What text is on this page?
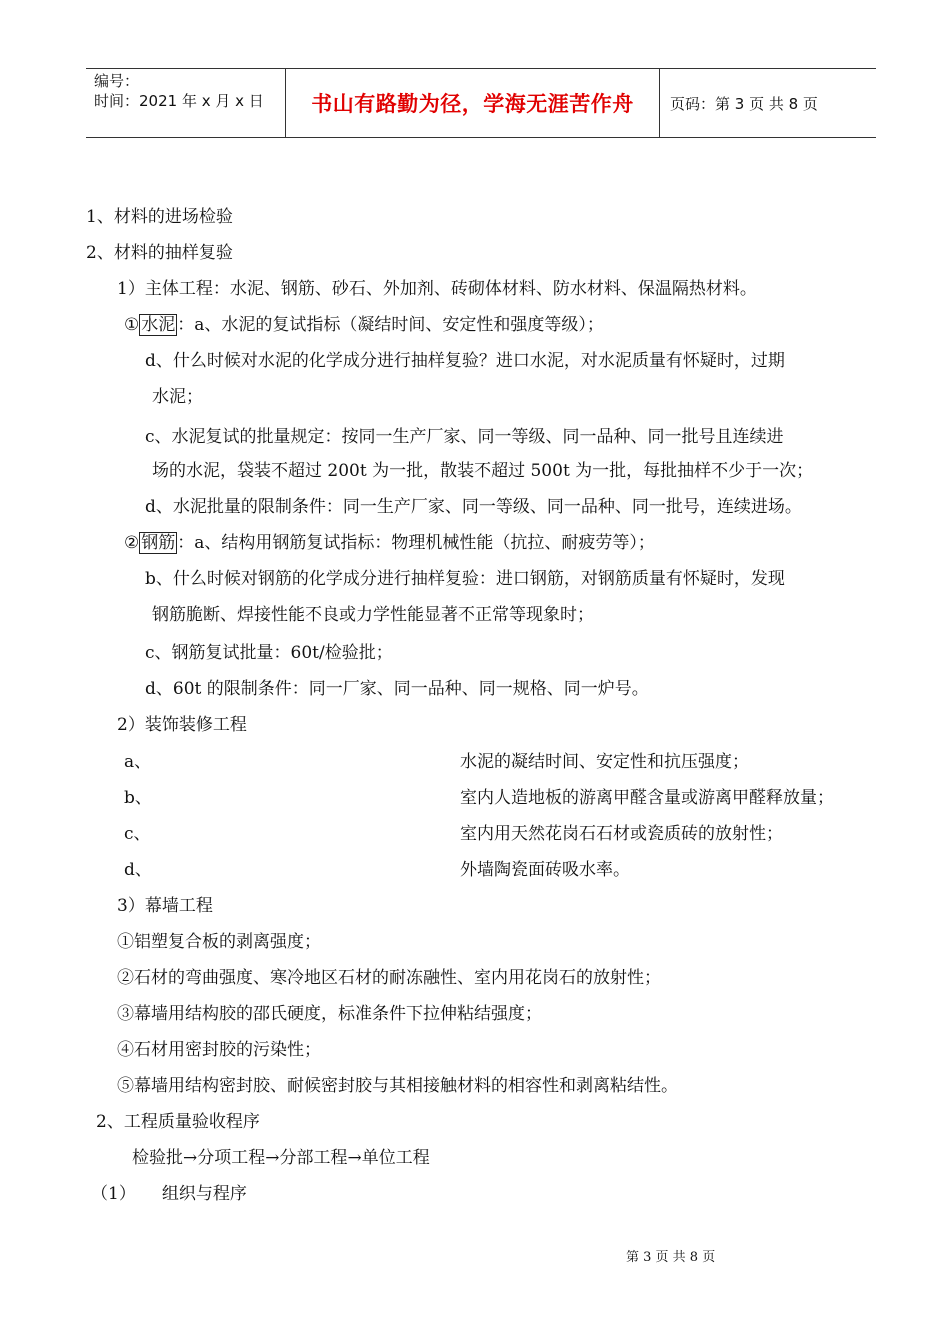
编号：
时间：2021 年 x 月 x 日	书山有路勤为径，学海无涯苦作舟	页码：第 3 页 共 8 页
1、材料的进场检验
2、材料的抽样复验
1）主体工程：水泥、钢筋、砂石、外加剂、砖砌体材料、防水材料、保温隔热材料。
① 水泥 ：a、水泥的复试指标（凝结时间、安定性和强度等级）；
d、什么时候对水泥的化学成分进行抽样复验？进口水泥，对水泥质量有怀疑时，过期
水泥；
c、水泥复试的批量规定：按同一生产厂家、同一等级、同一品种、同一批号且连续进
场的水泥，袋装不超过 200t 为一批，散装不超过 500t 为一批，每批抽样不少于一次；
d、水泥批量的限制条件：同一生产厂家、同一等级、同一品种、同一批号，连续进场。
② 钢筋 ：a、结构用钢筋复试指标：物理机械性能（抗拉、耐疲劳等）；
b、什么时候对钢筋的化学成分进行抽样复验：进口钢筋，对钢筋质量有怀疑时，发现
钢筋脆断、焊接性能不良或力学性能显著不正常等现象时；
c、钢筋复试批量：60t/检验批；
d、60t 的限制条件：同一厂家、同一品种、同一规格、同一炉号。
2）装饰装修工程
a、	水泥的凝结时间、安定性和抗压强度；
b、	室内人造地板的游离甲醛含量或游离甲醛释放量；
c、	室内用天然花岗石石材或瓷质砖的放射性；
d、	外墙陶瓷面砖吸水率。
3）幕墙工程
①铝塑复合板的剥离强度；
②石材的弯曲强度、寒冷地区石材的耐冻融性、室内用花岗石的放射性；
③幕墙用结构胶的邵氏硬度，标准条件下拉伸粘结强度；
④石材用密封胶的污染性；
⑤幕墙用结构密封胶、耐候密封胶与其相接触材料的相容性和剥离粘结性。
2、工程质量验收程序
检验批→分项工程→分部工程→单位工程
（1） 组织与程序
第 3 页 共 8 页
